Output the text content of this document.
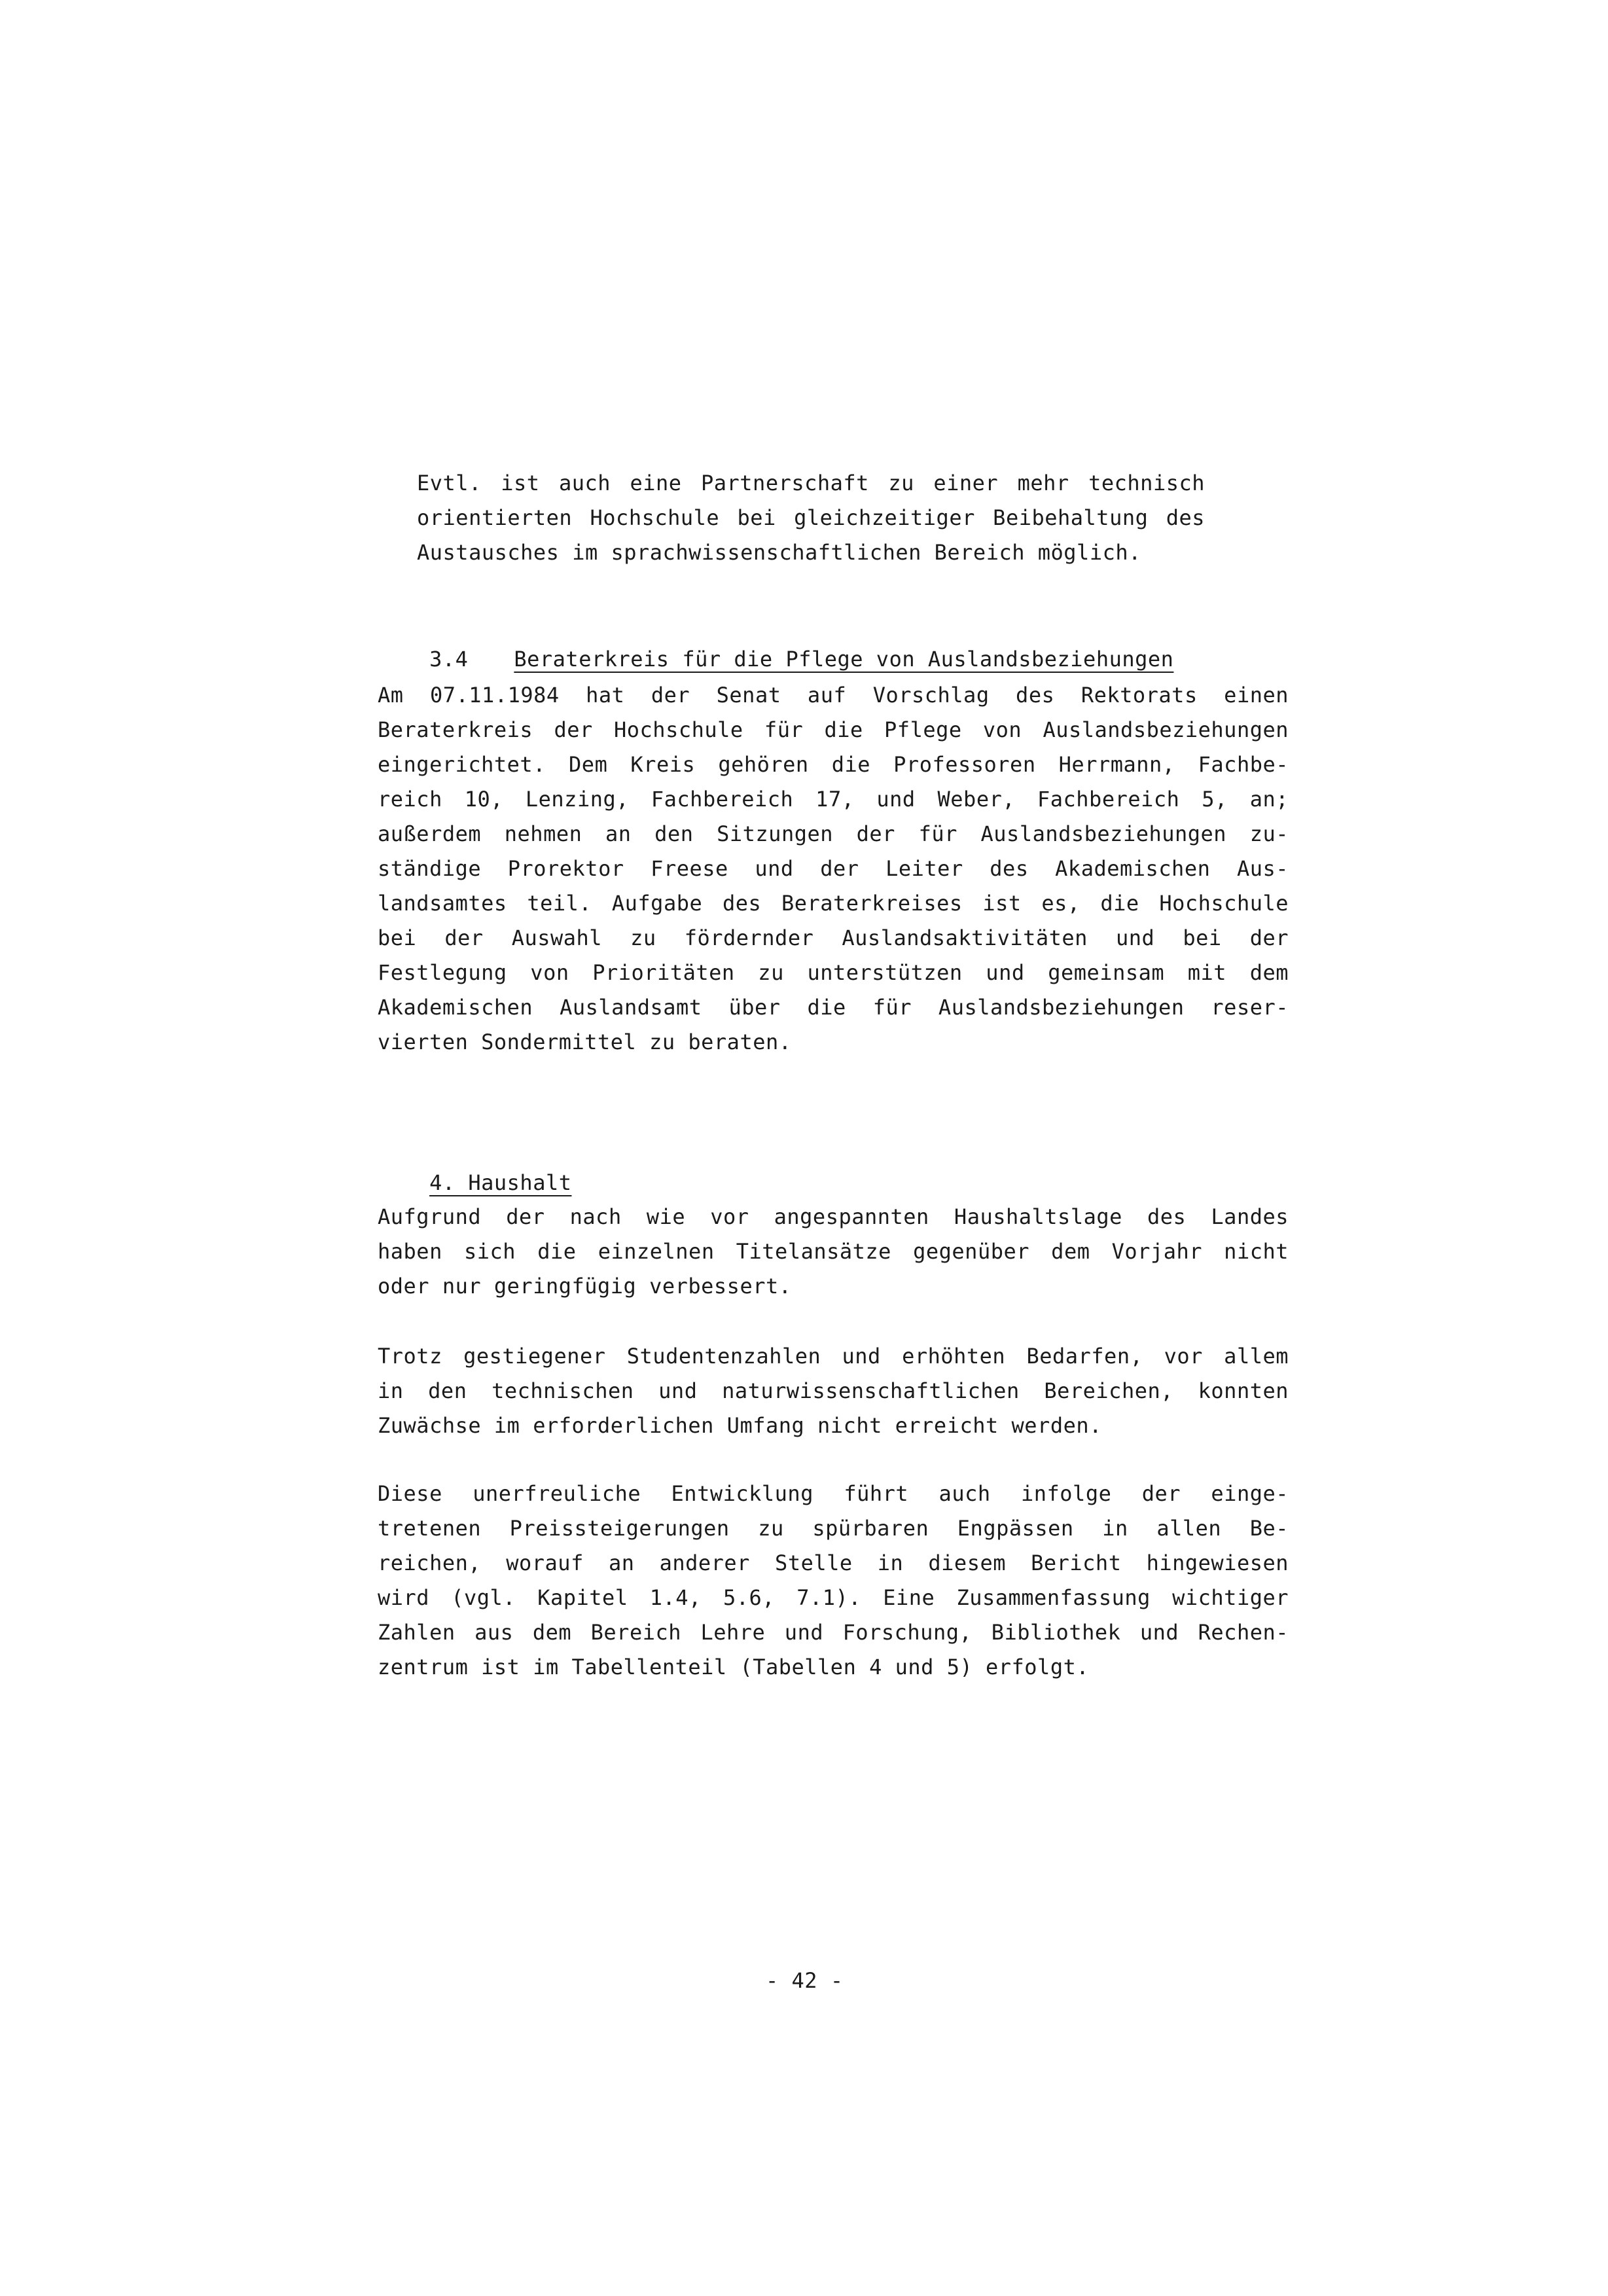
Evtl. ist auch eine Partnerschaft zu einer mehr technisch
orientierten Hochschule bei gleichzeitiger Beibehaltung des
Austausches im sprachwissenschaftlichen Bereich möglich.

3.4 Beraterkreis für die Pflege von Auslandsbeziehungen

Am 07.11.1984 hat der Senat auf Vorschlag des Rektorats einen
Beraterkreis der Hochschule für die Pflege von Auslandsbeziehungen
eingerichtet. Dem Kreis gehören die Professoren Herrmann, Fachbe-
reich 10, Lenzing, Fachbereich 17, und Weber, Fachbereich 5, an;
außerdem nehmen an den Sitzungen der für Auslandsbeziehungen zu-
ständige Prorektor Freese und der Leiter des Akademischen Aus-
landsamtes teil. Aufgabe des Beraterkreises ist es, die Hochschule
bei der Auswahl zu fördernder Auslandsaktivitäten und bei der
Festlegung von Prioritäten zu unterstützen und gemeinsam mit dem
Akademischen Auslandsamt über die für Auslandsbeziehungen reser-
vierten Sondermittel zu beraten.

4. Haushalt

Aufgrund der nach wie vor angespannten Haushaltslage des Landes
haben sich die einzelnen Titelansätze gegenüber dem Vorjahr nicht
oder nur geringfügig verbessert.
Trotz gestiegener Studentenzahlen und erhöhten Bedarfen, vor allem
in den technischen und naturwissenschaftlichen Bereichen, konnten
Zuwächse im erforderlichen Umfang nicht erreicht werden.
Diese unerfreuliche Entwicklung führt auch infolge der einge-
tretenen Preissteigerungen zu spürbaren Engpässen in allen Be-
reichen, worauf an anderer Stelle in diesem Bericht hingewiesen
wird (vgl. Kapitel 1.4, 5.6, 7.1). Eine Zusammenfassung wichtiger
Zahlen aus dem Bereich Lehre und Forschung, Bibliothek und Rechen-
zentrum ist im Tabellenteil (Tabellen 4 und 5) erfolgt.
- 42 -
